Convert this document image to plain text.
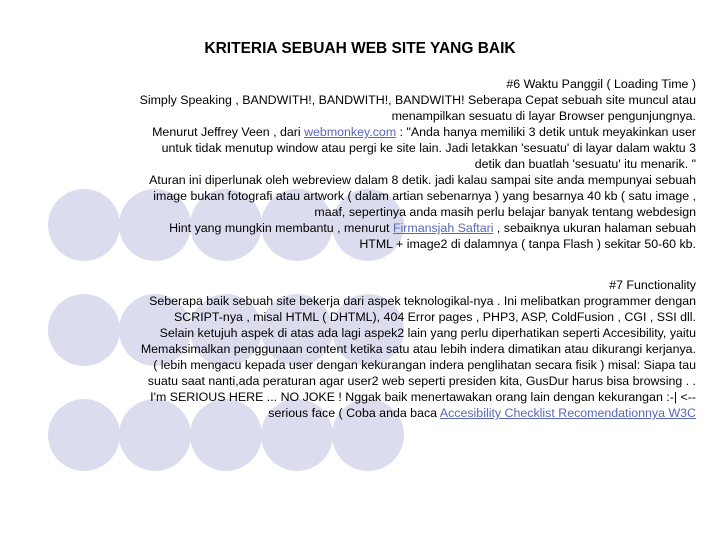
KRITERIA SEBUAH WEB SITE YANG BAIK
#6 Waktu Panggil ( Loading Time )
Simply Speaking , BANDWITH!, BANDWITH!, BANDWITH! Seberapa Cepat sebuah site muncul atau
menampilkan sesuatu di layar Browser pengunjungnya.
Menurut Jeffrey Veen , dari webmonkey.com : "Anda hanya memiliki 3 detik untuk meyakinkan user
untuk tidak menutup window atau pergi ke site lain. Jadi letakkan 'sesuatu' di layar dalam waktu 3
detik dan buatlah 'sesuatu' itu menarik. "
Aturan ini diperlunak oleh webreview dalam 8 detik. jadi kalau sampai site anda mempunyai sebuah
image bukan fotografi atau artwork ( dalam artian sebenarnya ) yang besarnya 40 kb ( satu image ,
maaf, sepertinya anda masih perlu belajar banyak tentang webdesign
Hint yang mungkin membantu , menurut Firmansjah Saftari , sebaiknya ukuran halaman sebuah
HTML + image2 di dalamnya ( tanpa Flash ) sekitar 50-60 kb.
#7 Functionality
Seberapa baik sebuah site bekerja dari aspek teknologikal-nya . Ini melibatkan programmer dengan
SCRIPT-nya , misal HTML ( DHTML), 404 Error pages , PHP3, ASP, ColdFusion , CGI , SSI dll.
Selain ketujuh aspek di atas ada lagi aspek2 lain yang perlu diperhatikan seperti Accesibility, yaitu
Memaksimalkan penggunaan content ketika satu atau lebih indera dimatikan atau dikurangi kerjanya.
( lebih mengacu kepada user dengan kekurangan indera penglihatan secara fisik ) misal: Siapa tau
suatu saat nanti,ada peraturan agar user2 web seperti presiden kita, GusDur harus bisa browsing . .
I'm SERIOUS HERE ... NO JOKE ! Nggak baik menertawakan orang lain dengan kekurangan :-| <--
serious face ( Coba anda baca Accesibility Checklist Recomendationnya W3C
